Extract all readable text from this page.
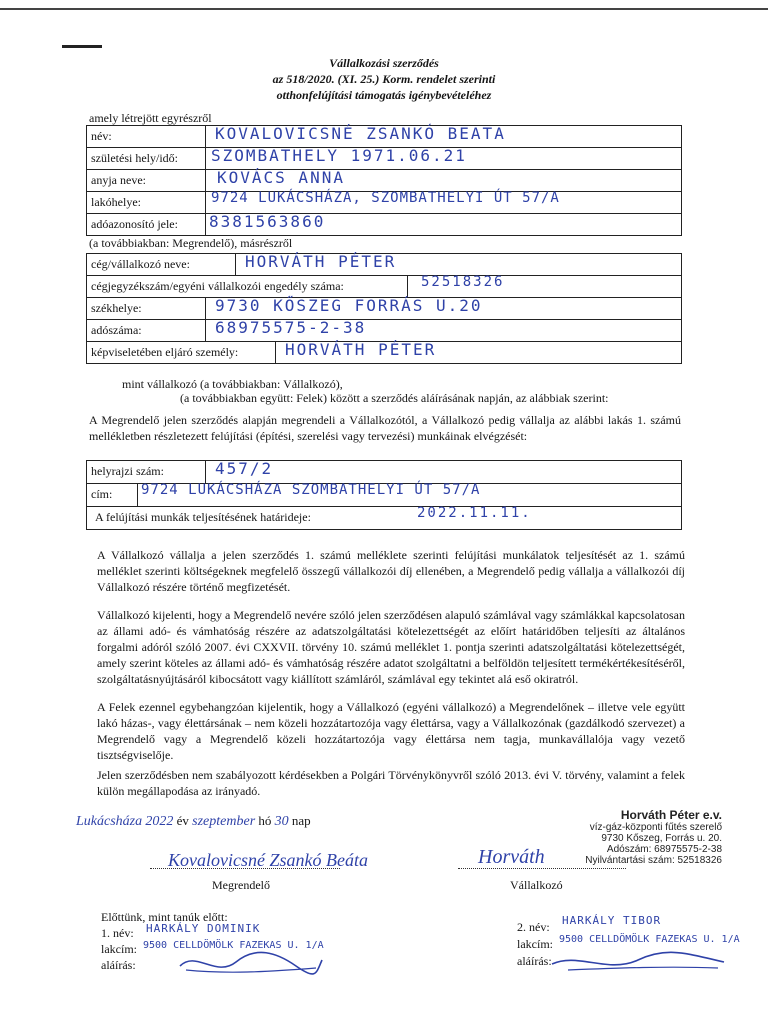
Vállalkozási szerződés
az 518/2020. (XI. 25.) Korm. rendelet szerinti
otthonfelújítási támogatás igénybevételéhez
amely létrejött egyrészről
név:	KOVALOVICSNÉ ZSANKÓ BEATA
születési hely/idő: SZOMBATHELY 1971.06.21
anyja neve:	KOVÁCS ANNA
lakóhelye:	9724 LUKÁCSHÁZA, SZOMBATHELYI ÚT 57/A
adóazonosító jele: 8381563860
(a továbbiakban: Megrendelő), másrészről
cég/vállalkozó neve:	HORVÁTH PÉTER
cégjegyzékszám/egyéni vállalkozói engedély száma:	52518326
székhelye:	9730 KŐSZEG FORRÁS U.20
adószáma:	68975575-2-38
képviseletében eljáró személy:	HORVÁTH PÉTER
mint vállalkozó (a továbbiakban: Vállalkozó),
(a továbbiakban együtt: Felek) között a szerződés aláírásának napján, az alábbiak szerint:
A Megrendelő jelen szerződés alapján megrendeli a Vállalkozótól, a Vállalkozó pedig vállalja az alábbi lakás 1. számú mellékletben részletezett felújítási (építési, szerelési vagy tervezési) munkáinak elvégzését:
helyrajzi szám:	457/2
cím: 9724 LUKÁCSHÁZA SZOMBATHELYI ÚT 57/A
A felújítási munkák teljesítésének határideje:	2022.11.11.
A Vállalkozó vállalja a jelen szerződés 1. számú melléklete szerinti felújítási munkálatok teljesítését az 1. számú melléklet szerinti költségeknek megfelelő összegű vállalkozói díj ellenében, a Megrendelő pedig vállalja a vállalkozói díj Vállalkozó részére történő megfizetését.
Vállalkozó kijelenti, hogy a Megrendelő nevére szóló jelen szerződésen alapuló számlával vagy számlákkal kapcsolatosan az állami adó- és vámhatóság részére az adatszolgáltatási kötelezettségét az előírt határidőben teljesíti az általános forgalmi adóról szóló 2007. évi CXXVII. törvény 10. számú melléklet 1. pontja szerinti adatszolgáltatási kötelezettségét, amely szerint köteles az állami adó- és vámhatóság részére adatot szolgáltatni a belföldön teljesített termékértékesítéséről, szolgáltatásnyújtásáról kibocsátott vagy kiállított számláról, számlával egy tekintet alá eső okiratról.
A Felek ezennel egybehangzóan kijelentik, hogy a Vállalkozó (egyéni vállalkozó) a Megrendelőnek – illetve vele együtt lakó házas-, vagy élettársának – nem közeli hozzátartozója vagy élettársa, vagy a Vállalkozónak (gazdálkodó szervezet) a Megrendelő vagy a Megrendelő közeli hozzátartozója vagy élettársa nem tagja, munkavállalója vagy vezető tisztségviselője.
Jelen szerződésben nem szabályozott kérdésekben a Polgári Törvénykönyvről szóló 2013. évi V. törvény, valamint a felek külön megállapodása az irányadó.
Lukácsháza 2022 év szeptember hó 30 nap	Horváth Péter e.v.
víz-gáz-központi fűtés szerelő
9730 Kőszeg, Forrás u. 20.
Adószám: 68975575-2-38
Nyilvántartási szám: 52518326
Kovalovicsné Zsankó Beáta
Megrendelő
Horváth
Vállalkozó
Előttünk, mint tanúk előtt:
1. név: HARKÁLY DOMINIK
lakcím: 9500 CELLDÖMÖLK FAZEKAS U. 1/A
aláírás:
2. név: HARKÁLY TIBOR
lakcím: 9500 CELLDÖMÖLK FAZEKAS U. 1/A
aláírás:
